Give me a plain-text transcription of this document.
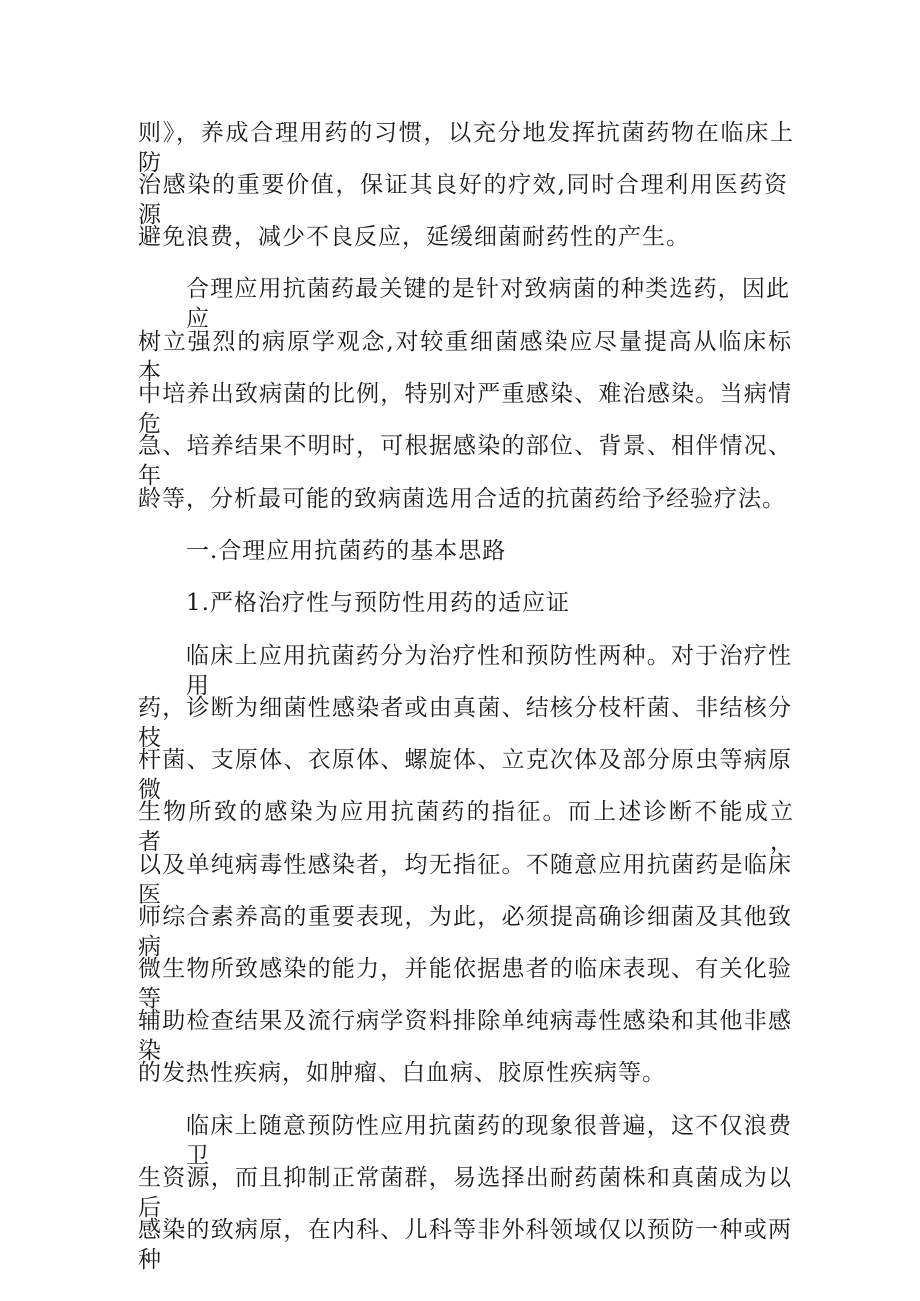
则》，养成合理用药的习惯，以充分地发挥抗菌药物在临床上防
治感染的重要价值，保证其良好的疗效,同时合理利用医药资源
避免浪费，减少不良反应，延缓细菌耐药性的产生。
合理应用抗菌药最关键的是针对致病菌的种类选药，因此应
树立强烈的病原学观念,对较重细菌感染应尽量提高从临床标本
中培养出致病菌的比例，特别对严重感染、难治感染。当病情危
急、培养结果不明时，可根据感染的部位、背景、相伴情况、年
龄等，分析最可能的致病菌选用合适的抗菌药给予经验疗法。
一.合理应用抗菌药的基本思路
1.严格治疗性与预防性用药的适应证
临床上应用抗菌药分为治疗性和预防性两种。对于治疗性用
药，诊断为细菌性感染者或由真菌、结核分枝杆菌、非结核分枝
杆菌、支原体、衣原体、螺旋体、立克次体及部分原虫等病原微
生物所致的感染为应用抗菌药的指征。而上述诊断不能成立者，
以及单纯病毒性感染者，均无指征。不随意应用抗菌药是临床医
师综合素养高的重要表现，为此，必须提高确诊细菌及其他致病
微生物所致感染的能力，并能依据患者的临床表现、有关化验等
辅助检查结果及流行病学资料排除单纯病毒性感染和其他非感染
的发热性疾病，如肿瘤、白血病、胶原性疾病等。
临床上随意预防性应用抗菌药的现象很普遍，这不仅浪费卫
生资源，而且抑制正常菌群，易选择出耐药菌株和真菌成为以后
感染的致病原，在内科、儿科等非外科领域仅以预防一种或两种
